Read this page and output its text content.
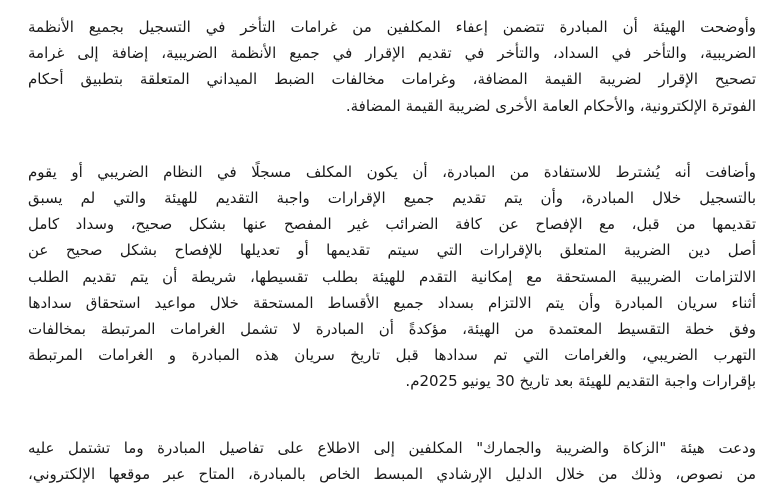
وأوضحت الهيئة أن المبادرة تتضمن إعفاء المكلفين من غرامات التأخر في التسجيل بجميع الأنظمة
الضريبية، والتأخر في السداد، والتأخر في تقديم الإقرار في جميع الأنظمة الضريبية، إضافة إلى غرامة
تصحيح الإقرار لضريبة القيمة المضافة، وغرامات مخالفات الضبط الميداني المتعلقة بتطبيق أحكام
الفوترة الإلكترونية، والأحكام العامة الأخرى لضريبة القيمة المضافة.

وأضافت أنه يُشترط للاستفادة من المبادرة، أن يكون المكلف مسجلًا في النظام الضريبي أو يقوم
بالتسجيل خلال المبادرة، وأن يتم تقديم جميع الإقرارات واجبة التقديم للهيئة والتي لم يسبق
تقديمها من قبل، مع الإفصاح عن كافة الضرائب غير المفصح عنها بشكل صحيح، وسداد كامل
أصل دين الضريبة المتعلق بالإقرارات التي سيتم تقديمها أو تعديلها للإفصاح بشكل صحيح عن
الالتزامات الضريبية المستحقة مع إمكانية التقدم للهيئة بطلب تقسيطها، شريطة أن يتم تقديم الطلب
أثناء سريان المبادرة وأن يتم الالتزام بسداد جميع الأقساط المستحقة خلال مواعيد استحقاق سدادها
وفق خطة التقسيط المعتمدة من الهيئة، مؤكدةً أن المبادرة لا تشمل الغرامات المرتبطة بمخالفات
التهرب الضريبي، والغرامات التي تم سدادها قبل تاريخ سريان هذه المبادرة و الغرامات المرتبطة
بإقرارات واجبة التقديم للهيئة بعد تاريخ 30 يونيو 2025م.

ودعت هيئة "الزكاة والضريبة والجمارك" المكلفين إلى الاطلاع على تفاصيل المبادرة وما تشتمل عليه
من نصوص، وذلك من خلال الدليل الإرشادي المبسط الخاص بالمبادرة، المتاح عبر موقعها الإلكتروني،
